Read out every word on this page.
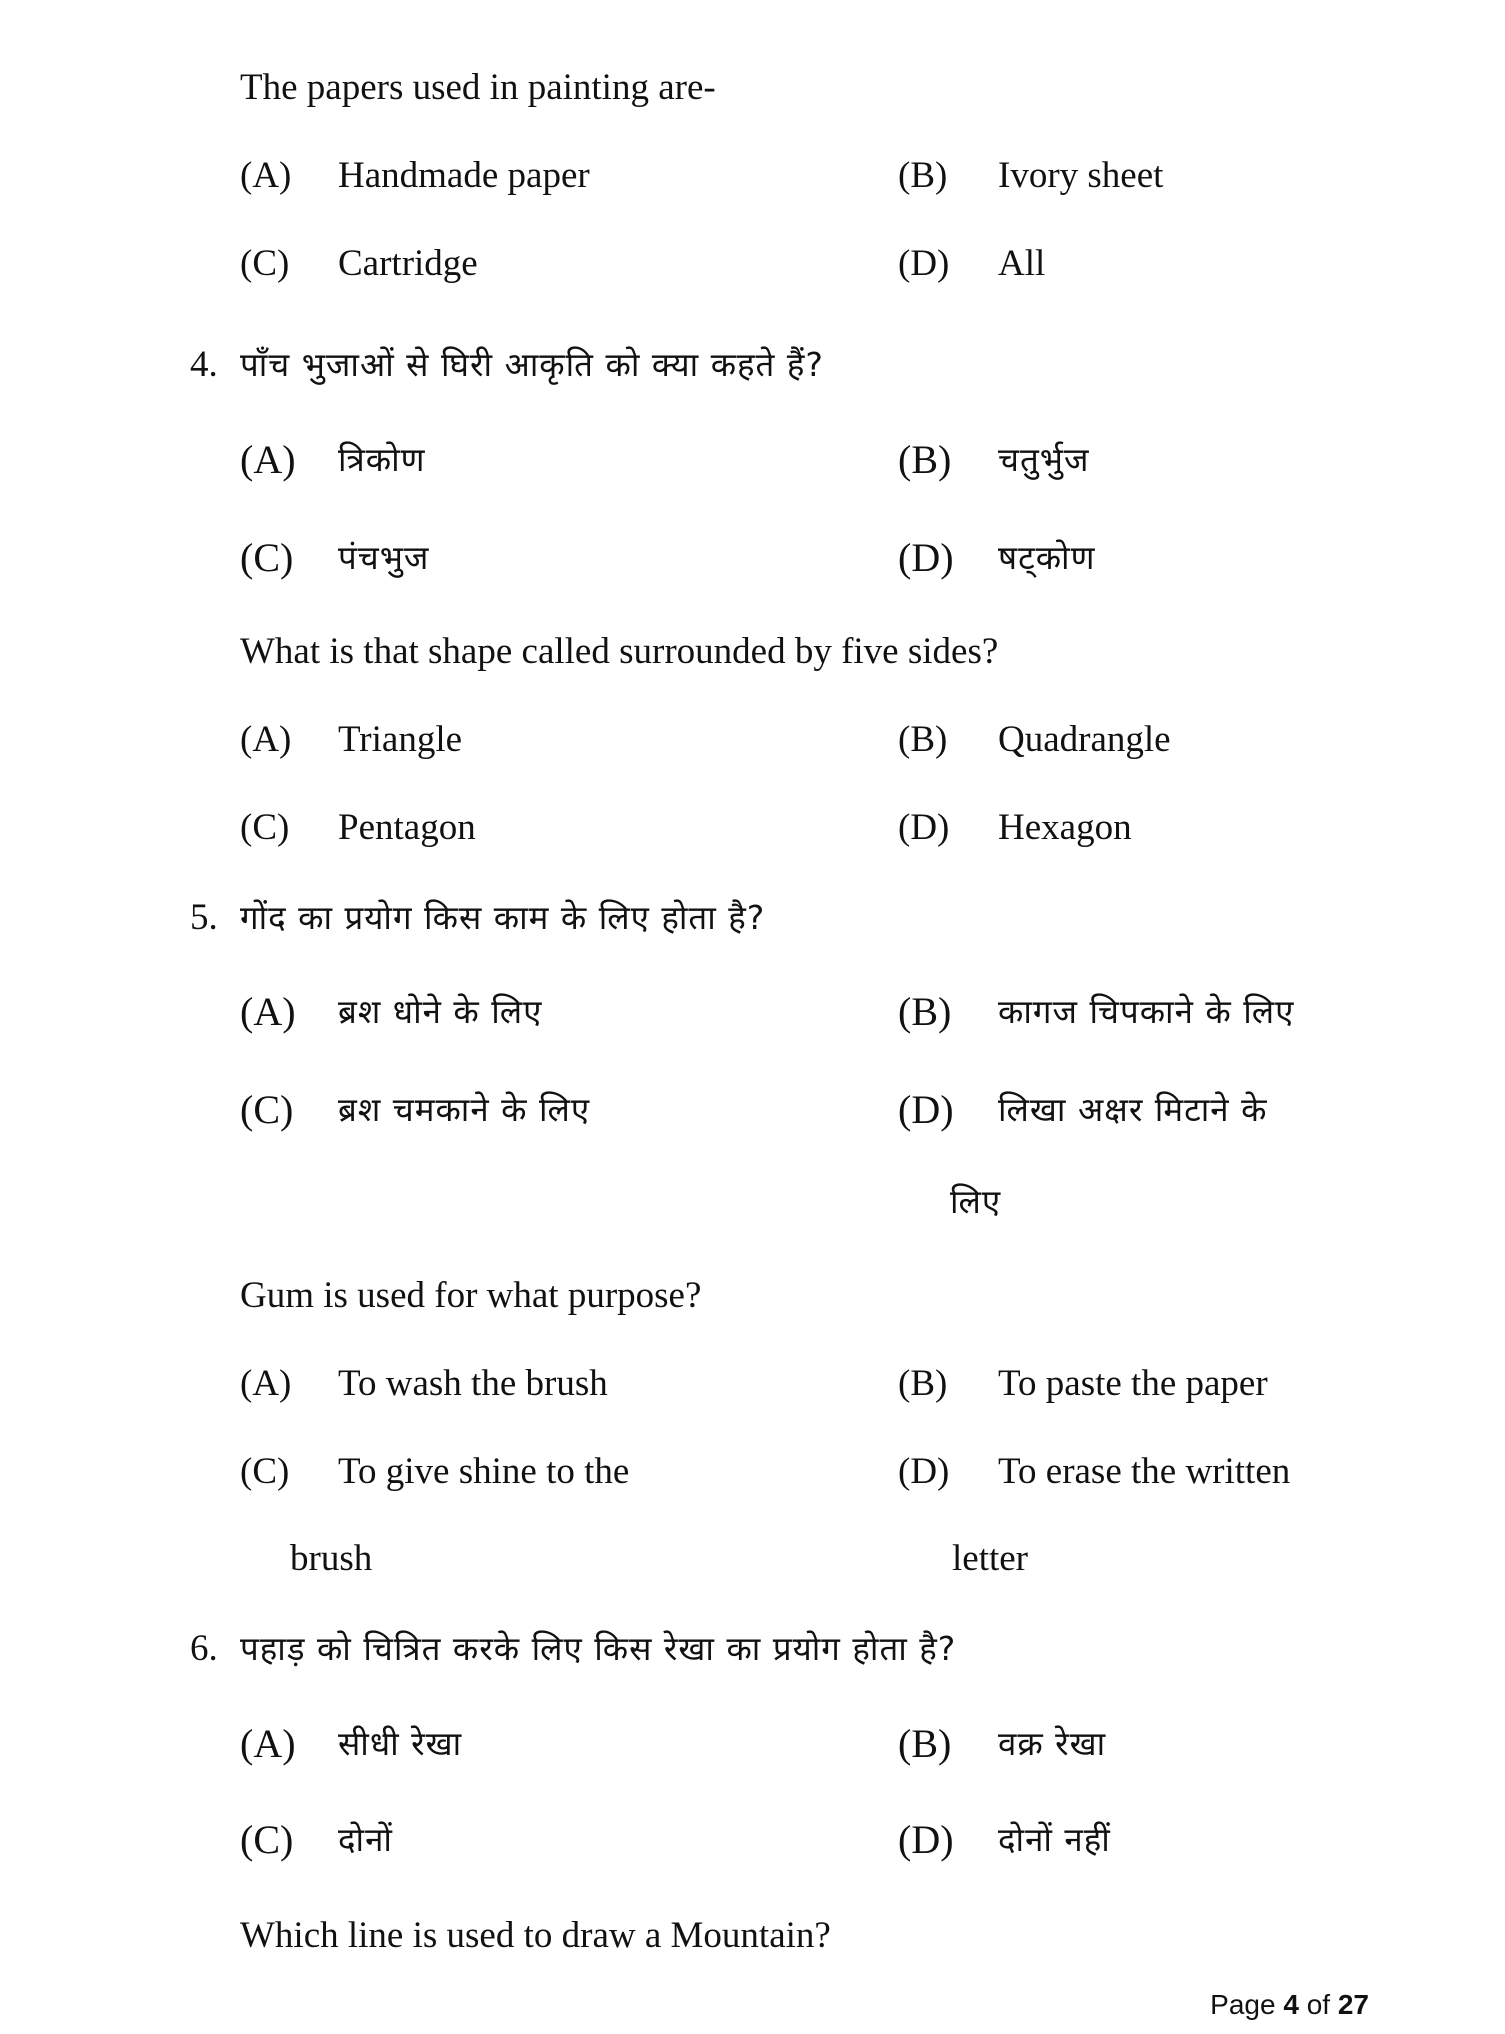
The papers used in painting are-
(A) Handmade paper	(B) Ivory sheet
(C) Cartridge	(D) All
4. पाँच भुजाओं से घिरी आकृति को क्या कहते हैं?
(A) त्रिकोण	(B) चतुर्भुज
(C) पंचभुज	(D) षट्कोण
What is that shape called surrounded by five sides?
(A) Triangle	(B) Quadrangle
(C) Pentagon	(D) Hexagon
5. गोंद का प्रयोग किस काम के लिए होता है?
(A) ब्रश धोने के लिए	(B) कागज चिपकाने के लिए
(C) ब्रश चमकाने के लिए	(D) लिखा अक्षर मिटाने के
लिए
Gum is used for what purpose?
(A) To wash the brush	(B) To paste the paper
(C) To give shine to the	(D) To erase the written
brush	letter
6. पहाड़ को चित्रित करके लिए किस रेखा का प्रयोग होता है?
(A) सीधी रेखा	(B) वक्र रेखा
(C) दोनों	(D) दोनों नहीं
Which line is used to draw a Mountain?
Page 4 of 27
